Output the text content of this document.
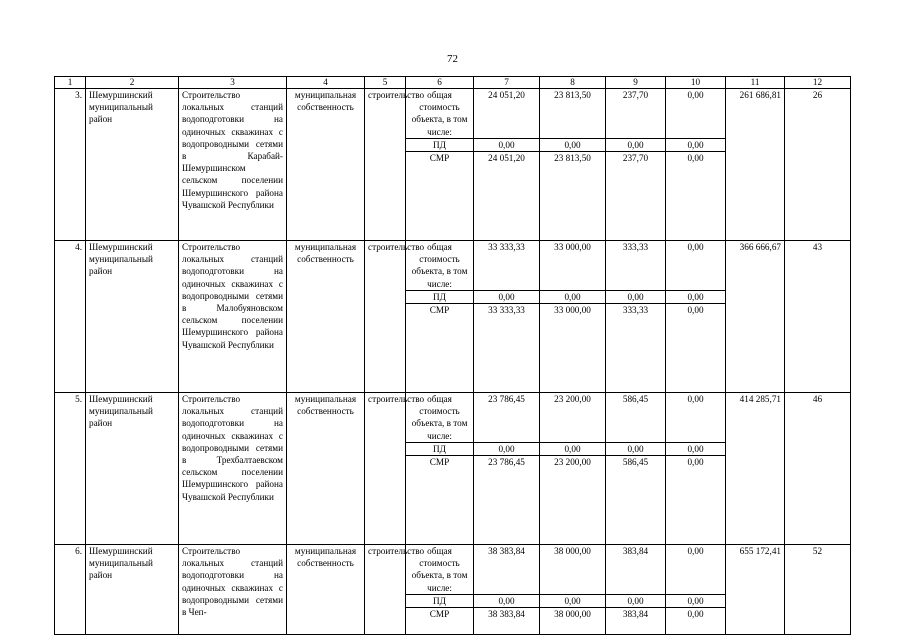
72
1	2	3	4	5	6	7	8	9	10	11	12
3.	Шемуршинский муниципальный район	Строительство локальных станций водоподготовки на одиночных скважинах с водопроводными сетями в Карабай-Шемуршинском сельском поселении Шемуршинского района Чувашской Республики	муниципальная собственность	строительство	общая стоимость объекта, в том числе:	24 051,20	23 813,50	237,70	0,00	261 686,81	26
					ПД	0,00	0,00	0,00	0,00		
					СМР	24 051,20	23 813,50	237,70	0,00		
4.	Шемуршинский муниципальный район	Строительство локальных станций водоподготовки на одиночных скважинах с водопроводными сетями в Малобуяновском сельском поселении Шемуршинского района Чувашской Республики	муниципальная собственность	строительство	общая стоимость объекта, в том числе:	33 333,33	33 000,00	333,33	0,00	366 666,67	43
					ПД	0,00	0,00	0,00	0,00		
					СМР	33 333,33	33 000,00	333,33	0,00		
5.	Шемуршинский муниципальный район	Строительство локальных станций водоподготовки на одиночных скважинах с водопроводными сетями в Трехбалтаевском сельском поселении Шемуршинского района Чувашской Республики	муниципальная собственность	строительство	общая стоимость объекта, в том числе:	23 786,45	23 200,00	586,45	0,00	414 285,71	46
					ПД	0,00	0,00	0,00	0,00		
					СМР	23 786,45	23 200,00	586,45	0,00		
6.	Шемуршинский муниципальный район	Строительство локальных станций водоподготовки на одиночных скважинах с водопроводными сетями в Чеп-	муниципальная собственность	строительство	общая стоимость объекта, в том числе:	38 383,84	38 000,00	383,84	0,00	655 172,41	52
					ПД	0,00	0,00	0,00	0,00		
					СМР	38 383,84	38 000,00	383,84	0,00		
